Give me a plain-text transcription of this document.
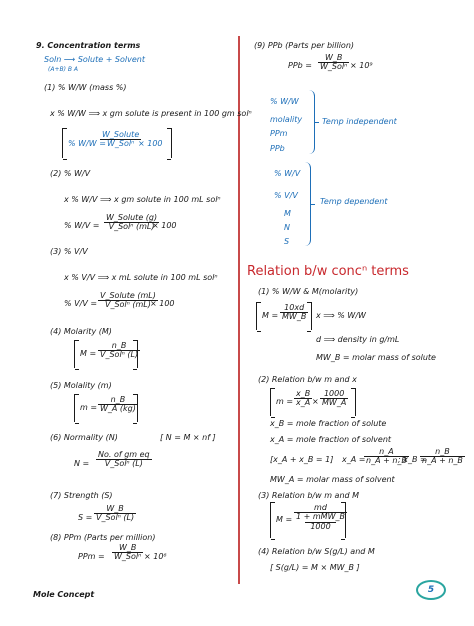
9. Concentration terms
Soln ⟶ Solute + Solvent
(A+B) B A
(1) % W/W (mass %)
x % W/W ⟹ x gm solute is present in 100 gm solⁿ
% W/W =
W_Solute
W_Solⁿ × 100
(2) % W/V
x % W/V ⟹ x gm solute in 100 mL solⁿ
% W/V =
W_Solute (g)
V_Solⁿ (mL)
× 100
(3) % V/V
x % V/V ⟹ x mL solute in 100 mL solⁿ
% V/V =
V_Solute (mL)
V_Solⁿ (mL) × 100
(4) Molarity (M)
M =
n_B
V_Solⁿ (L)
(5) Molality (m)
m =
n_B
W_A (kg)
(6) Normality (N)	[ N = M × nf ]
N =
No. of gm eq
V_Solⁿ (L)
(7) Strength (S)
S =
W_B
V_Solⁿ (L)
(8) PPm (Parts per million)
PPm =
W_B
W_Solⁿ × 10⁶
(9) PPb (Parts per billion)
PPb =
W_B
W_Solⁿ × 10⁹
% W/W
molality
PPm
PPb
Temp independent
% W/V
% V/V
M
N
S
Temp dependent
Relation b/w concⁿ terms
(1) % W/W & M(molarity)
M =
10xd
MW_B x ⟹ % W/W
d ⟹ density in g/mL
MW_B = molar mass of solute
(2) Relation b/w m and x
m =
x_B
x_A ×
1000
MW_A
x_B = mole fraction of solute
x_A = mole fraction of solvent
[x_A + x_B = 1] x_A =
n_A
n_A + n_B
; x_B =
n_B
n_A + n_B
MW_A = molar mass of solvent
(3) Relation b/w m and M
M =
md
1 + mMW_B
1000
(4) Relation b/w S(g/L) and M
[ S(g/L) = M × MW_B ]
Mole Concept	5
